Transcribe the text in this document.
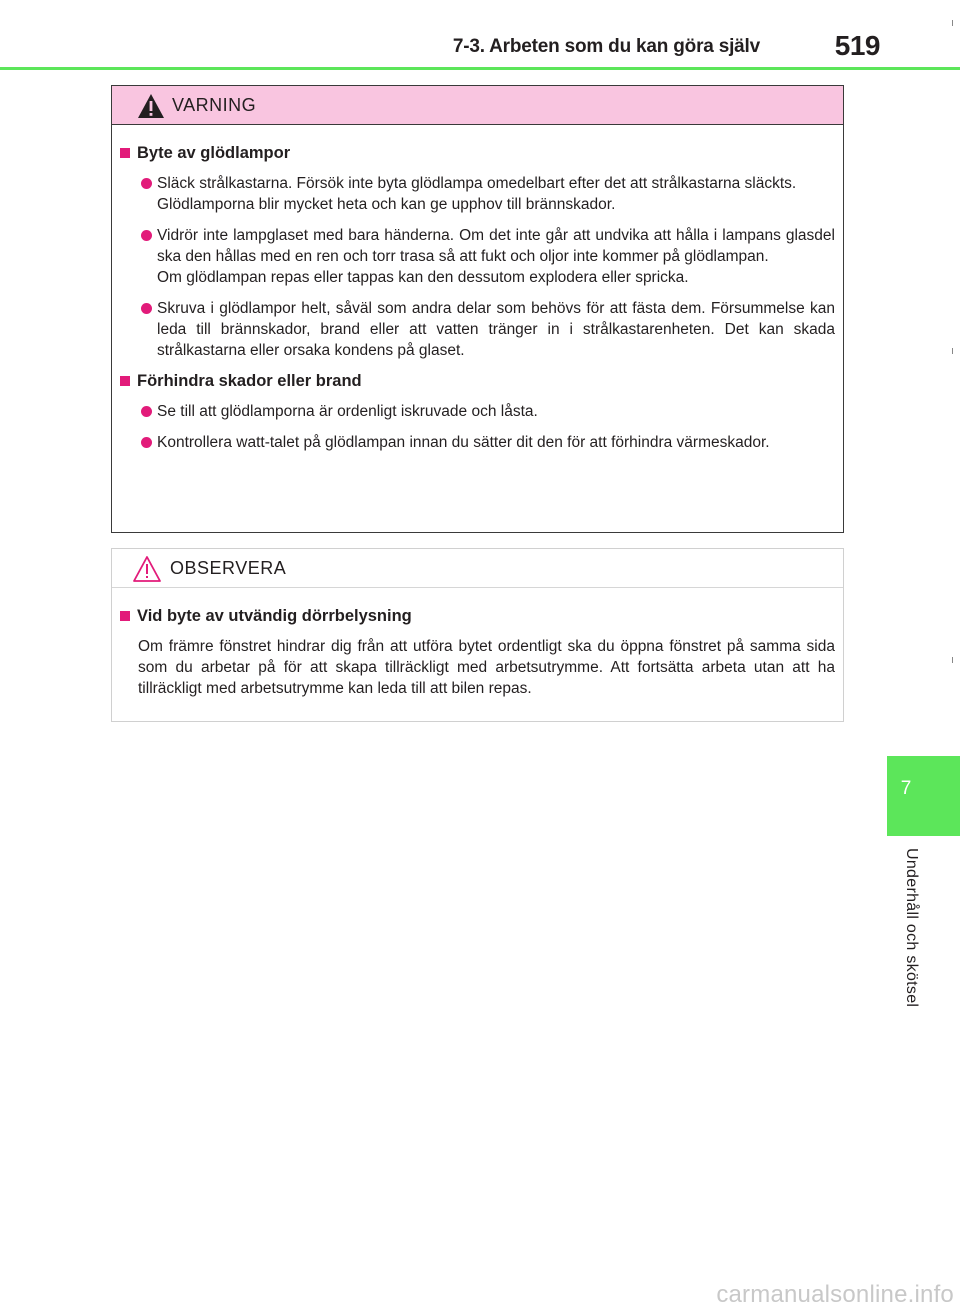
7-3. Arbeten som du kan göra själv	519
VARNING
Byte av glödlampor

Släck strålkastarna. Försök inte byta glödlampa omedelbart efter det att strålkastarna släckts.

Glödlamporna blir mycket heta och kan ge upphov till brännskador.

Vidrör inte lampglaset med bara händerna. Om det inte går att undvika att hålla i lampans glasdel ska den hållas med en ren och torr trasa så att fukt och oljor inte kommer på glödlampan.

Om glödlampan repas eller tappas kan den dessutom explodera eller spricka.

Skruva i glödlampor helt, såväl som andra delar som behövs för att fästa dem. Försummelse kan leda till brännskador, brand eller att vatten tränger in i strålkastarenheten. Det kan skada strålkastarna eller orsaka kondens på glaset.

Förhindra skador eller brand

Se till att glödlamporna är ordenligt iskruvade och låsta.

Kontrollera watt-talet på glödlampan innan du sätter dit den för att förhindra värmeskador.

OBSERVERA
Vid byte av utvändig dörrbelysning

Om främre fönstret hindrar dig från att utföra bytet ordentligt ska du öppna fönstret på samma sida som du arbetar på för att skapa tillräckligt med arbetsutrymme. Att fortsätta arbeta utan att ha tillräckligt med arbetsutrymme kan leda till att bilen repas.

7
Underhåll och skötsel
carmanualsonline.info
